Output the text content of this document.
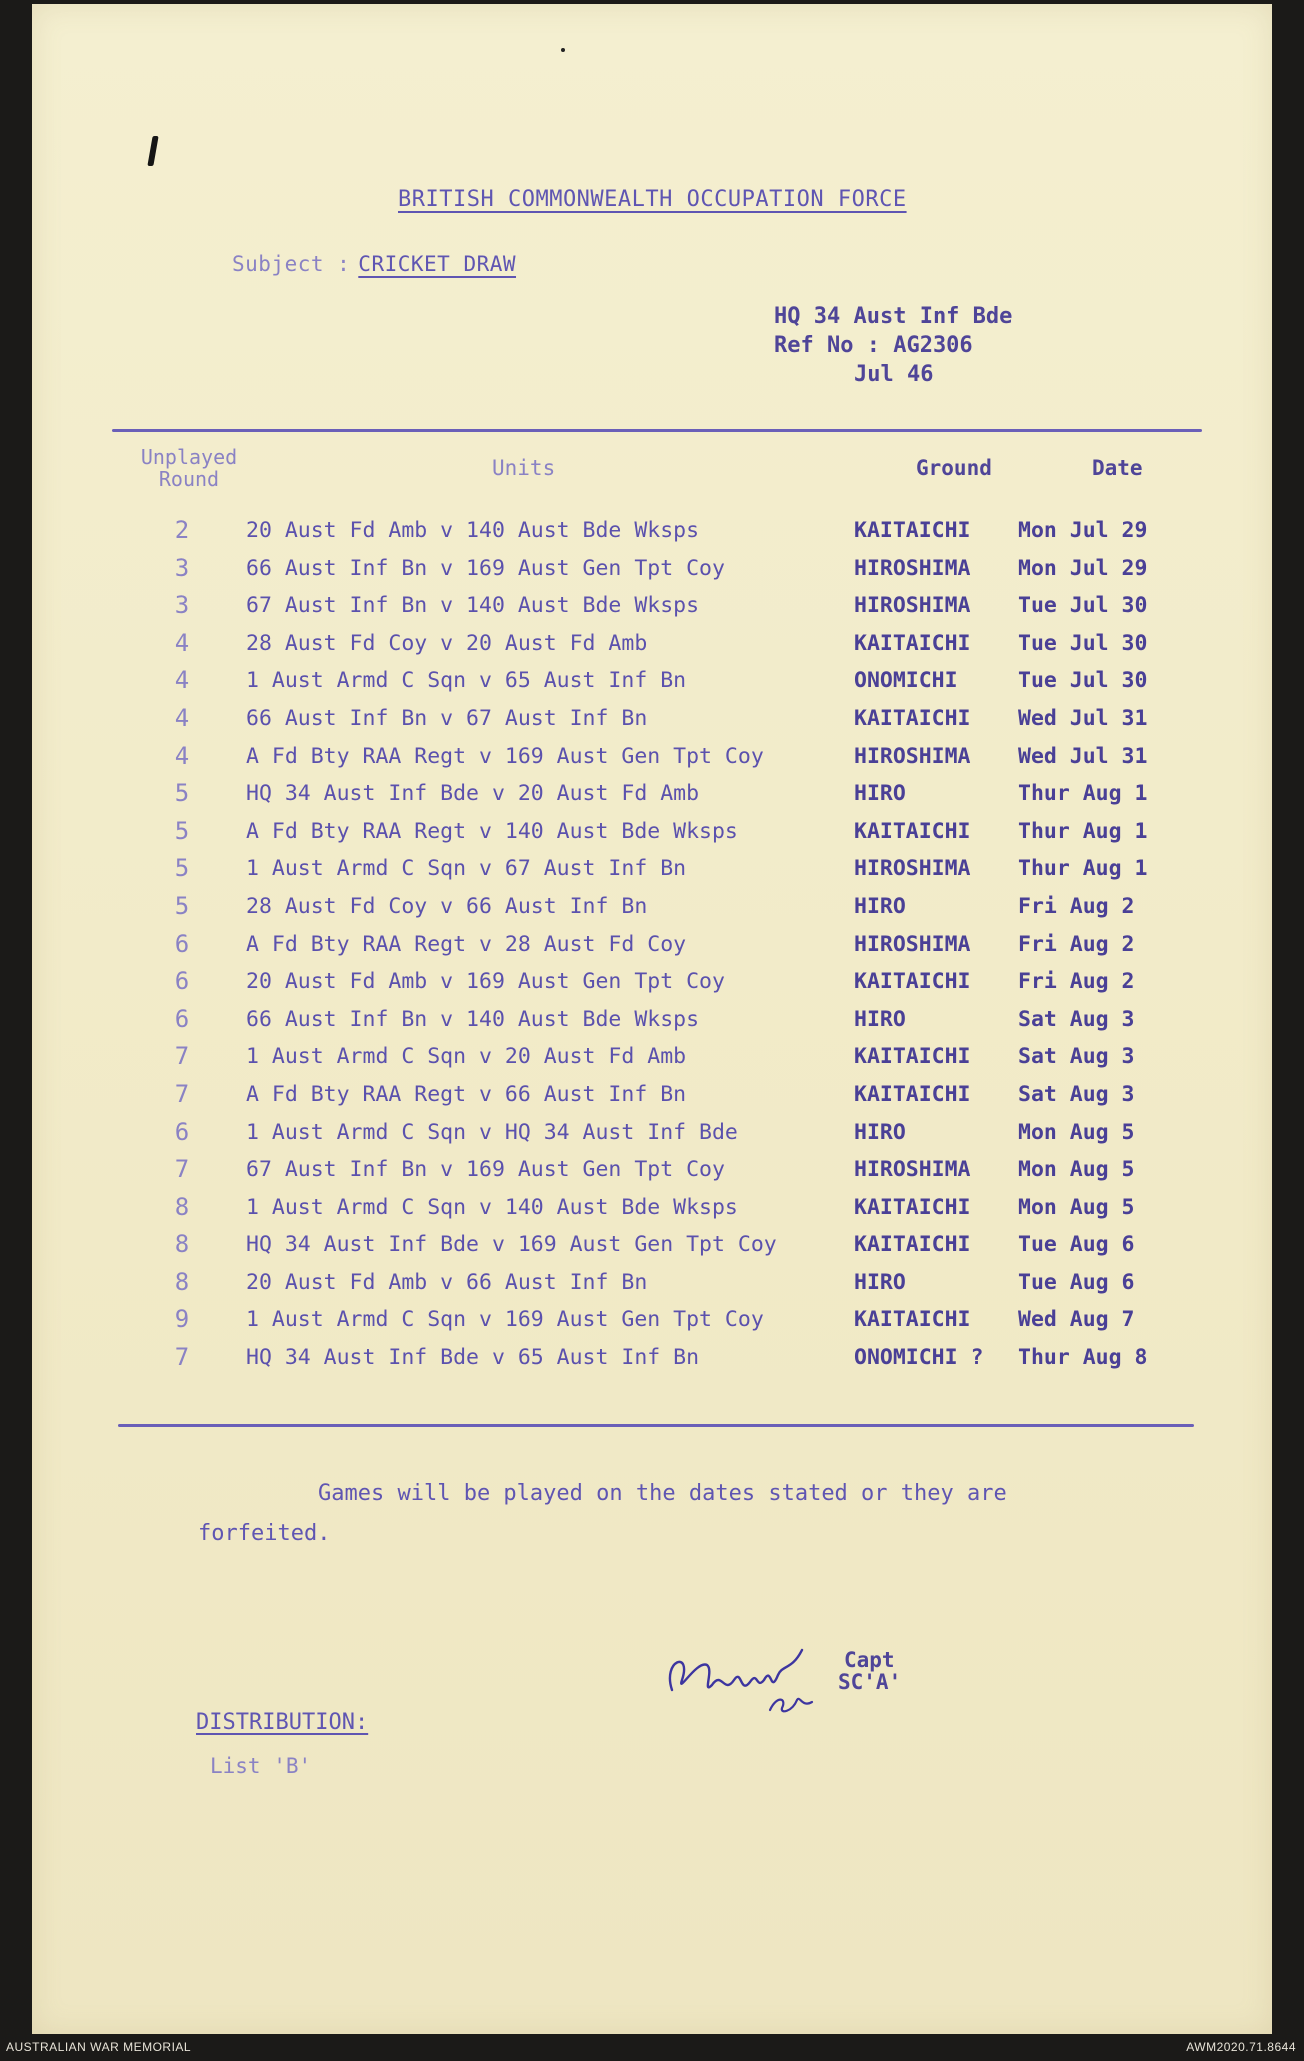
BRITISH COMMONWEALTH OCCUPATION FORCE
Subject : CRICKET DRAW
HQ 34 Aust Inf Bde
Ref No : AG2306
Jul 46
Unplayed Round	Units	Ground	Date
2	20 Aust Fd Amb v 140 Aust Bde Wksps	KAITAICHI Mon Jul 29
3	66 Aust Inf Bn v 169 Aust Gen Tpt Coy	HIROSHIMA Mon Jul 29
3	67 Aust Inf Bn v 140 Aust Bde Wksps	HIROSHIMA Tue Jul 30
4	28 Aust Fd Coy v 20 Aust Fd Amb	KAITAICHI Tue Jul 30
4	1 Aust Armd C Sqn v 65 Aust Inf Bn	ONOMICHI	Tue Jul 30
4	66 Aust Inf Bn v 67 Aust Inf Bn	KAITAICHI Wed Jul 31
4	A Fd Bty RAA Regt v 169 Aust Gen Tpt Coy	HIROSHIMA Wed Jul 31
5	HQ 34 Aust Inf Bde v 20 Aust Fd Amb	HIRO	Thur Aug 1
5	A Fd Bty RAA Regt v 140 Aust Bde Wksps	KAITAICHI Thur Aug 1
5	1 Aust Armd C Sqn v 67 Aust Inf Bn	HIROSHIMA Thur Aug 1
5	28 Aust Fd Coy v 66 Aust Inf Bn	HIRO	Fri Aug 2
6	A Fd Bty RAA Regt v 28 Aust Fd Coy	HIROSHIMA Fri Aug 2
6	20 Aust Fd Amb v 169 Aust Gen Tpt Coy	KAITAICHI Fri Aug 2
6	66 Aust Inf Bn v 140 Aust Bde Wksps	HIRO	Sat Aug 3
7	1 Aust Armd C Sqn v 20 Aust Fd Amb	KAITAICHI Sat Aug 3
7	A Fd Bty RAA Regt v 66 Aust Inf Bn	KAITAICHI Sat Aug 3
6	1 Aust Armd C Sqn v HQ 34 Aust Inf Bde	HIRO	Mon Aug 5
7	67 Aust Inf Bn v 169 Aust Gen Tpt Coy	HIROSHIMA Mon Aug 5
8	1 Aust Armd C Sqn v 140 Aust Bde Wksps	KAITAICHI Mon Aug 5
8	HQ 34 Aust Inf Bde v 169 Aust Gen Tpt Coy	KAITAICHI Tue Aug 6
8	20 Aust Fd Amb v 66 Aust Inf Bn	HIRO	Tue Aug 6
9	1 Aust Armd C Sqn v 169 Aust Gen Tpt Coy	KAITAICHI Wed Aug 7
7	HQ 34 Aust Inf Bde v 65 Aust Inf Bn	ONOMICHI ? Thur Aug 8
Games will be played on the dates stated or they are
forfeited.
Capt
SC'A'
DISTRIBUTION:
List 'B'
AUSTRALIAN WAR MEMORIAL	AWM2020.71.8644
